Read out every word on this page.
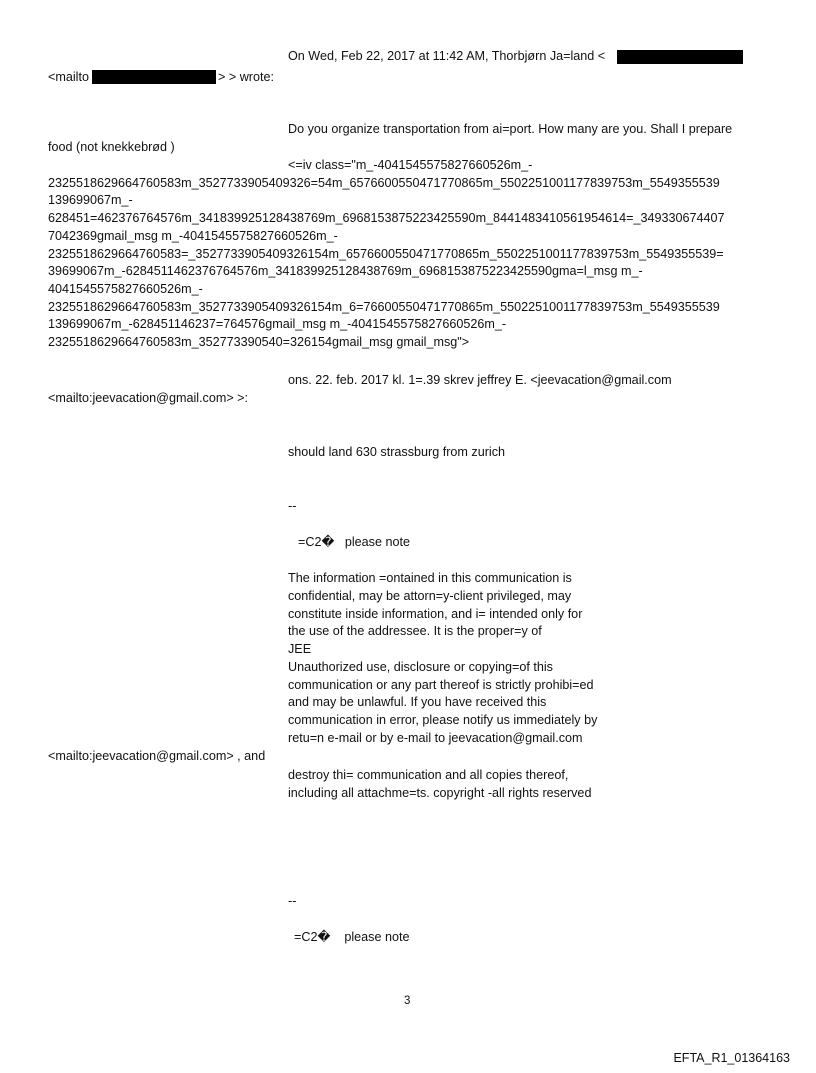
On Wed, Feb 22, 2017 at 11:42 AM, Thorbjørn Ja=land <
<mailto	> > wrote:
Do you organize transportation from ai=port. How many are you. Shall I prepare
food (not knekkebrød )
<=iv class="m_-4041545575827660526m_-
2325518629664760583m_3527733905409326=54m_6576600550471770865m_5502251001177839753m_5549355539
139699067m_-
628451=462376764576m_341839925128438769m_6968153875223425590m_8441483410561954614=_349330674407
7042369gmail_msg m_-4041545575827660526m_-
2325518629664760583=_3527733905409326154m_6576600550471770865m_5502251001177839753m_5549355539=
39699067m_-6284511462376764576m_341839925128438769m_6968153875223425590gma=l_msg m_-
4041545575827660526m_-
2325518629664760583m_3527733905409326154m_6=76600550471770865m_5502251001177839753m_5549355539
139699067m_-628451146237=764576gmail_msg m_-4041545575827660526m_-
2325518629664760583m_352773390540=326154gmail_msg gmail_msg">
ons. 22. feb. 2017 kl. 1=.39 skrev jeffrey E. <jeevacation@gmail.com
<mailto:jeevacation@gmail.com> >:
should land 630 strassburg from zurich
--
=C2�   please note
The information =ontained in this communication is
confidential, may be attorn=y-client privileged, may
constitute inside information, and i= intended only for
the use of the addressee. It is the proper=y of
JEE
Unauthorized use, disclosure or copying=of this
communication or any part thereof is strictly prohibi=ed
and may be unlawful. If you have received this
communication in error, please notify us immediately by
retu=n e-mail or by e-mail to jeevacation@gmail.com
<mailto:jeevacation@gmail.com> , and
destroy thi= communication and all copies thereof,
including all attachme=ts. copyright -all rights reserved
--
=C2�    please note
3
EFTA_R1_01364163
